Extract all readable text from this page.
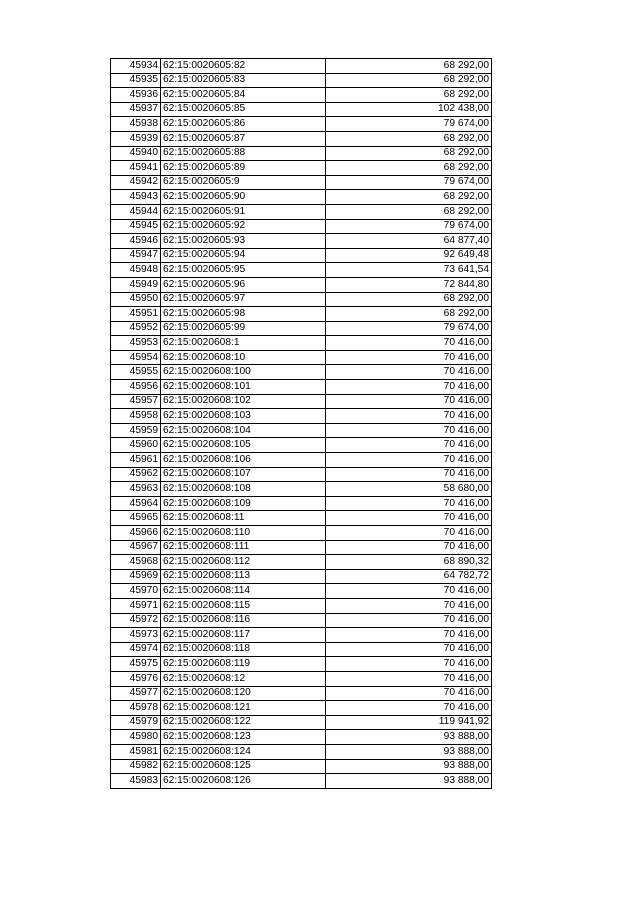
45934	62:15:0020605:82	68 292,00
45935	62:15:0020605:83	68 292,00
45936	62:15:0020605:84	68 292,00
45937	62:15:0020605:85	102 438,00
45938	62:15:0020605:86	79 674,00
45939	62:15:0020605:87	68 292,00
45940	62:15:0020605:88	68 292,00
45941	62:15:0020605:89	68 292,00
45942	62:15:0020605:9	79 674,00
45943	62:15:0020605:90	68 292,00
45944	62:15:0020605:91	68 292,00
45945	62:15:0020605:92	79 674,00
45946	62:15:0020605:93	64 877,40
45947	62:15:0020605:94	92 649,48
45948	62:15:0020605:95	73 641,54
45949	62:15:0020605:96	72 844,80
45950	62:15:0020605:97	68 292,00
45951	62:15:0020605:98	68 292,00
45952	62:15:0020605:99	79 674,00
45953	62:15:0020608:1	70 416,00
45954	62:15:0020608:10	70 416,00
45955	62:15:0020608:100	70 416,00
45956	62:15:0020608:101	70 416,00
45957	62:15:0020608:102	70 416,00
45958	62:15:0020608:103	70 416,00
45959	62:15:0020608:104	70 416,00
45960	62:15:0020608:105	70 416,00
45961	62:15:0020608:106	70 416,00
45962	62:15:0020608:107	70 416,00
45963	62:15:0020608:108	58 680,00
45964	62:15:0020608:109	70 416,00
45965	62:15:0020608:11	70 416,00
45966	62:15:0020608:110	70 416,00
45967	62:15:0020608:111	70 416,00
45968	62:15:0020608:112	68 890,32
45969	62:15:0020608:113	64 782,72
45970	62:15:0020608:114	70 416,00
45971	62:15:0020608:115	70 416,00
45972	62:15:0020608:116	70 416,00
45973	62:15:0020608:117	70 416,00
45974	62:15:0020608:118	70 416,00
45975	62:15:0020608:119	70 416,00
45976	62:15:0020608:12	70 416,00
45977	62:15:0020608:120	70 416,00
45978	62:15:0020608:121	70 416,00
45979	62:15:0020608:122	119 941,92
45980	62:15:0020608:123	93 888,00
45981	62:15:0020608:124	93 888,00
45982	62:15:0020608:125	93 888,00
45983	62:15:0020608:126	93 888,00
